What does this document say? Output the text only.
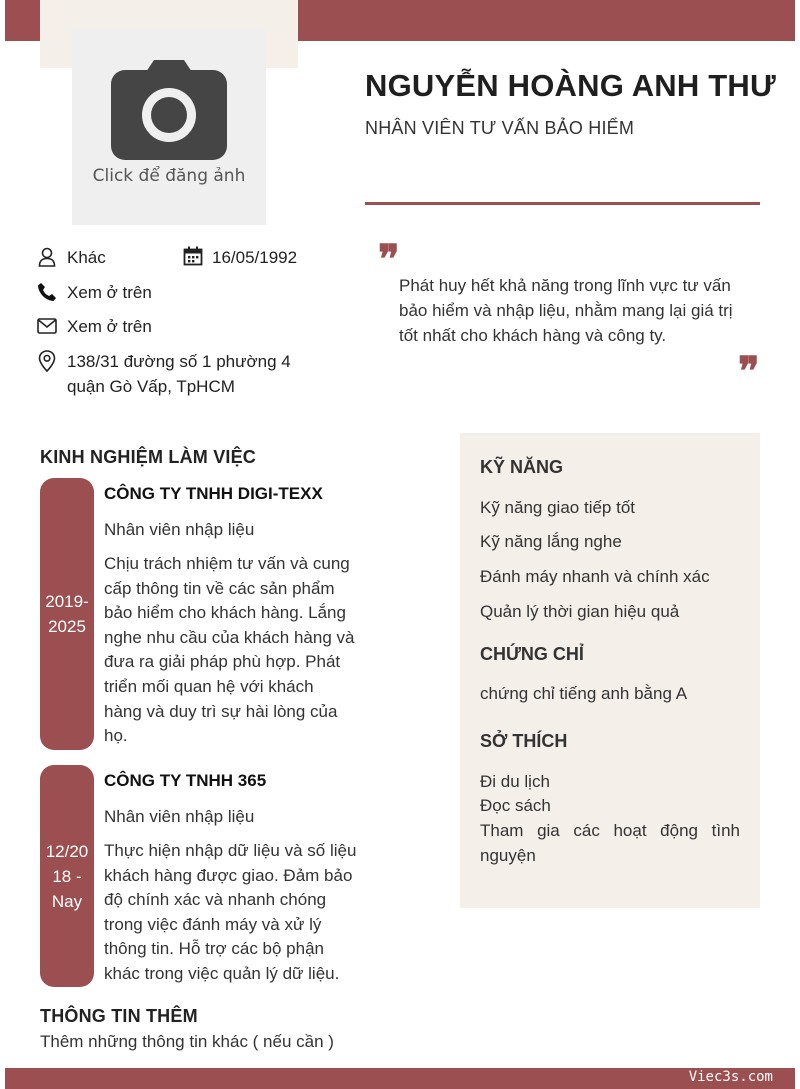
Click để đăng ảnh
NGUYỄN HOÀNG ANH THƯ
NHÂN VIÊN TƯ VẤN BẢO HIỂM
Khác	16/05/1992
Xem ở trên
Xem ở trên
138/31 đường số 1 phường 4
quận Gò Vấp, TpHCM
❞
Phát huy hết khả năng trong lĩnh vực tư vấn
bảo hiểm và nhập liệu, nhằm mang lại giá trị
tốt nhất cho khách hàng và công ty.
❞
KINH NGHIỆM LÀM VIỆC
2019-
2025
CÔNG TY TNHH DIGI-TEXX
Nhân viên nhập liệu
Chịu trách nhiệm tư vấn và cung
cấp thông tin về các sản phẩm
bảo hiểm cho khách hàng. Lắng
nghe nhu cầu của khách hàng và
đưa ra giải pháp phù hợp. Phát
triển mối quan hệ với khách
hàng và duy trì sự hài lòng của
họ.
12/20
18 -
Nay
CÔNG TY TNHH 365
Nhân viên nhập liệu
Thực hiện nhập dữ liệu và số liệu
khách hàng được giao. Đảm bảo
độ chính xác và nhanh chóng
trong việc đánh máy và xử lý
thông tin. Hỗ trợ các bộ phận
khác trong việc quản lý dữ liệu.
THÔNG TIN THÊM
Thêm những thông tin khác ( nếu cần )
KỸ NĂNG
Kỹ năng giao tiếp tốt
Kỹ năng lắng nghe
Đánh máy nhanh và chính xác
Quản lý thời gian hiệu quả
CHỨNG CHỈ
chứng chỉ tiếng anh bằng A
SỞ THÍCH
Đi du lịch
Đọc sách
Tham gia các hoạt động tình
nguyện
Viec3s.com
